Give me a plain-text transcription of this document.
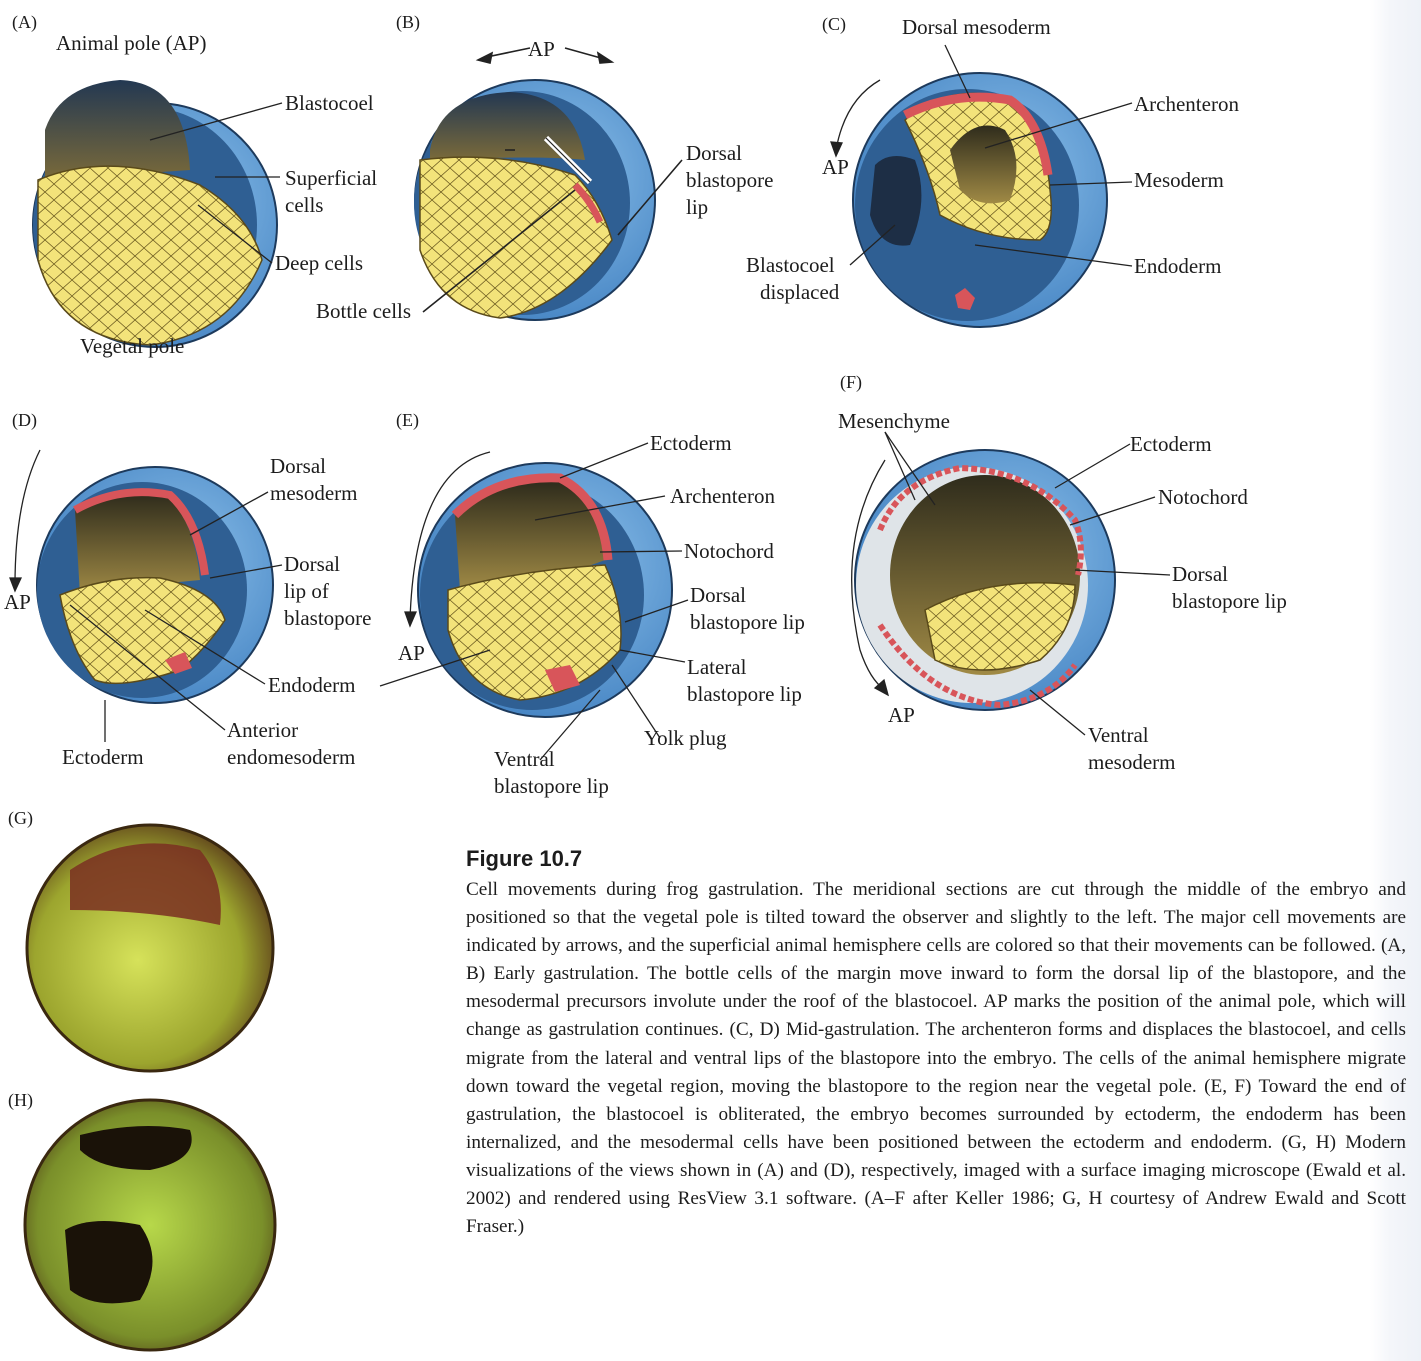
(A)	(B)	(C)
(D)	(E)
(F)
(G)
(H)
Animal pole (AP)
Blastocoel
Superficial
cells
Deep cells
Vegetal pole
AP
Dorsal
blastopore
lip
Bottle cells
Dorsal mesoderm
Archenteron
AP
Mesoderm
Blastocoel
displaced
Endoderm
Dorsal
mesoderm
Dorsal
lip of
blastopore
AP
Endoderm
Anterior
endomesoderm
Ectoderm
Ectoderm
Archenteron
Notochord
Dorsal
blastopore lip
AP
Lateral
blastopore lip
Yolk plug
Ventral
blastopore lip
Mesenchyme
Ectoderm
Notochord
Dorsal
blastopore lip
AP
Ventral
mesoderm
Figure 10.7
Cell movements during frog gastrulation. The meridional sections are cut through the middle of the embryo and positioned so that the vegetal pole is tilted toward the observer and slightly to the left. The major cell movements are indicated by arrows, and the superficial animal hemisphere cells are colored so that their movements can be followed. (A, B) Early gastrulation. The bottle cells of the margin move inward to form the dorsal lip of the blastopore, and the mesodermal precursors involute under the roof of the blastocoel. AP marks the position of the animal pole, which will change as gastrulation continues. (C, D) Mid-gastrulation. The archenteron forms and displaces the blastocoel, and cells migrate from the lateral and ventral lips of the blastopore into the embryo. The cells of the animal hemisphere migrate down toward the vegetal region, moving the blastopore to the region near the vegetal pole. (E, F) Toward the end of gastrulation, the blastocoel is obliterated, the embryo becomes surrounded by ectoderm, the endoderm has been internalized, and the mesodermal cells have been positioned between the ectoderm and endoderm. (G, H) Modern visualizations of the views shown in (A) and (D), respectively, imaged with a surface imaging microscope (Ewald et al. 2002) and rendered using ResView 3.1 software. (A–F after Keller 1986; G, H courtesy of Andrew Ewald and Scott Fraser.)
